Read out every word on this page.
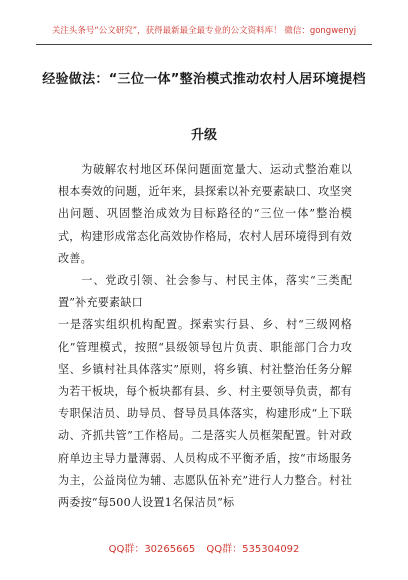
关注头条号“公文研究”，获得最新最全最专业的公文资料库！ 微信：gongwenyj
经验做法：“三位一体”整治模式推动农村人居环境提档
升级

为破解农村地区环保问题面宽量大、运动式整治难以根本奏效的问题，近年来，县探索以补充要素缺口、攻坚突出问题、巩固整治成效为目标路径的“三位一体”整治模式，构建形成常态化高效协作格局，农村人居环境得到有效改善。

一、党政引领、社会参与、村民主体，落实“三类配置”补充要素缺口

一是落实组织机构配置。探索实行县、乡、村“三级网格化”管理模式，按照“县级领导包片负责、职能部门合力攻坚、乡镇村社具体落实”原则，将乡镇、村社整治任务分解为若干板块，每个板块都有县、乡、村主要领导负责，都有专职保洁员、助导员、督导员具体落实，构建形成“上下联动、齐抓共管”工作格局。二是落实人员框架配置。针对政府单边主导力量薄弱、人员构成不平衡矛盾，按“市场服务为主，公益岗位为辅、志愿队伍补充”进行人力整合。村社两委按“每500人设置1名保洁员”标

QQ群：30265665 QQ群：535304092
